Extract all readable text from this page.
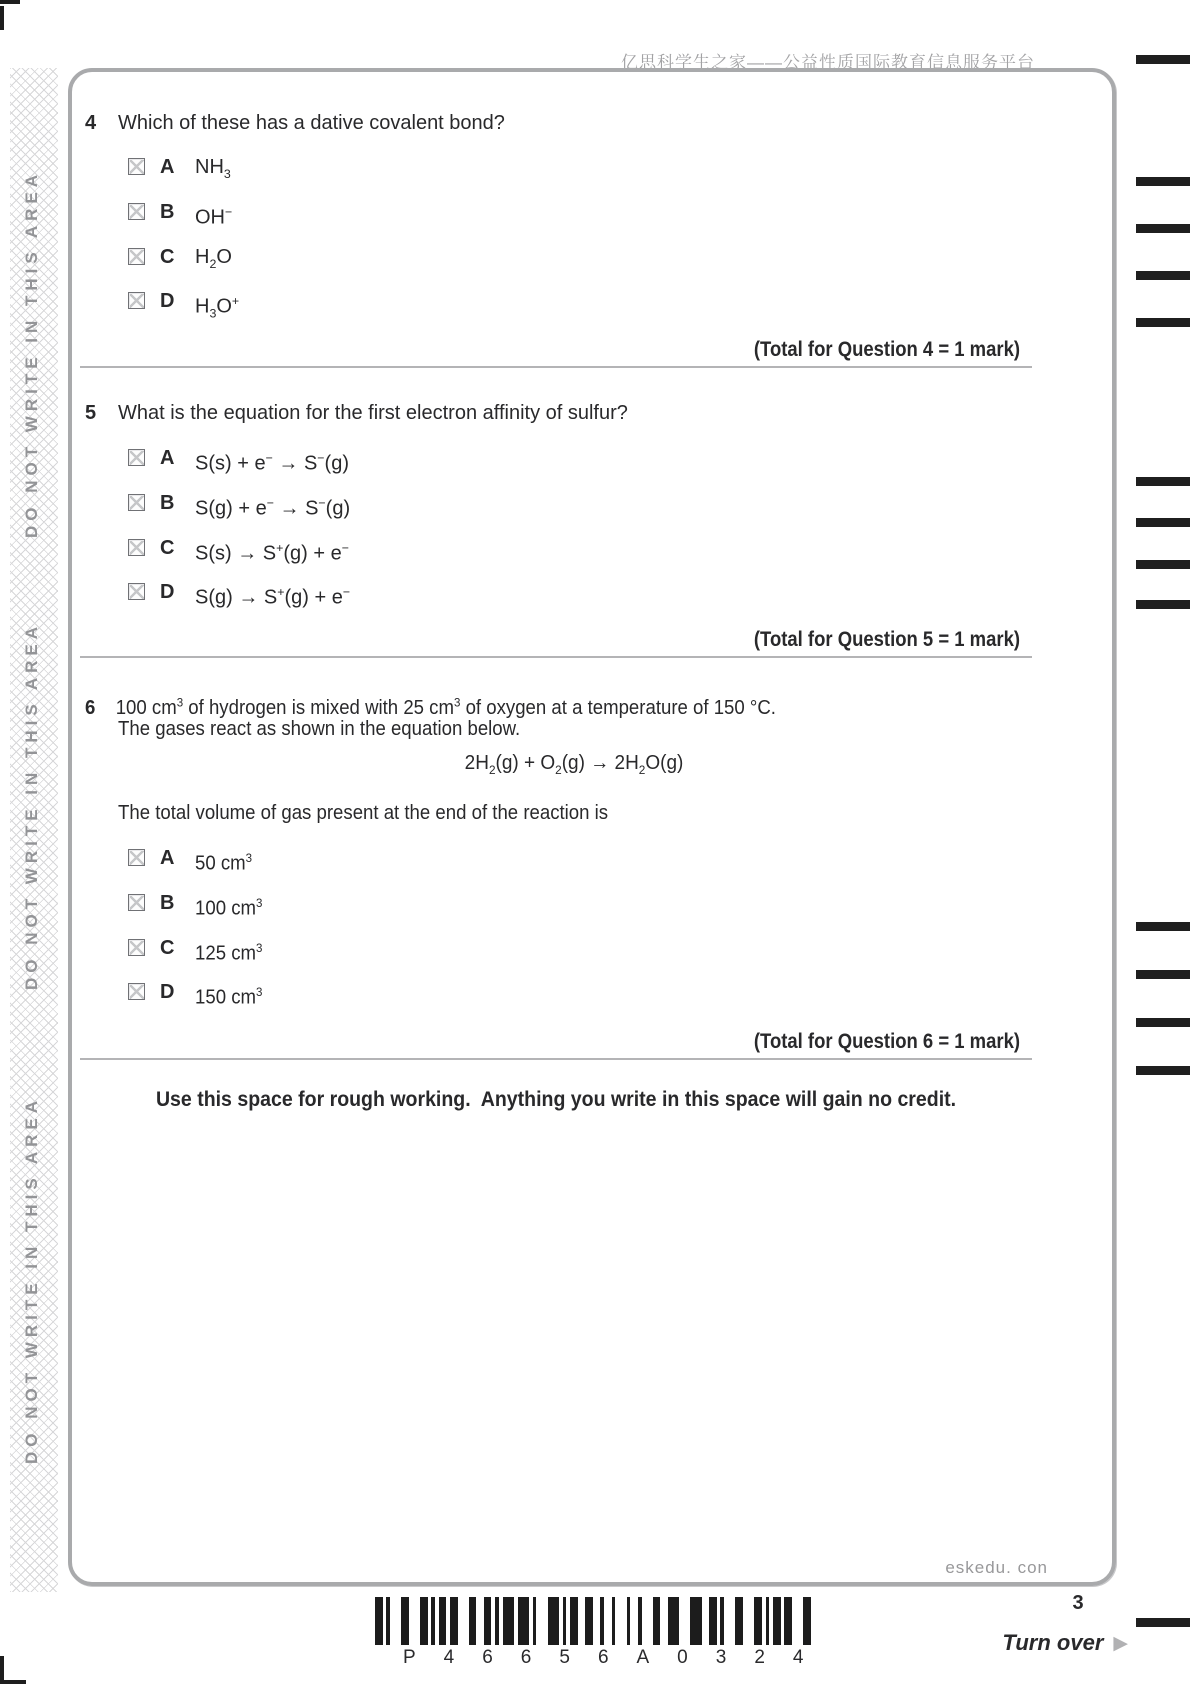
亿思科学生之家——公益性质国际教育信息服务平台
DO NOT WRITE IN THIS AREA
DO NOT WRITE IN THIS AREA
DO NOT WRITE IN THIS AREA
4 Which of these has a dative covalent bond?
A	$NH_3$
B	OH−
C	$H_2O$
D	$H_3O^+$
(Total for Question 4 = 1 mark)
5 What is the equation for the first electron affinity of sulfur?
A	S(s) + e− → S−(g)
B	S(g) + e− → S−(g)
C	S(s) → S+(g) + e−
D	S(g) → S+(g) + e−
(Total for Question 5 = 1 mark)
6 100 $cm^3$ of hydrogen is mixed with 25 $cm^3$ of oxygen at a temperature of 150 °C.
The gases react as shown in the equation below.
$2H_2(g) + O_2(g) \to 2H_2O(g)$
The total volume of gas present at the end of the reaction is
A	50 $cm^3$
B	100 $cm^3$
C	125 $cm^3$
D	150 $cm^3$
(Total for Question 6 = 1 mark)
Use this space for rough working.  Anything you write in this space will gain no credit.
eskedu. con
P46656A0324
3
Turn over ▶
